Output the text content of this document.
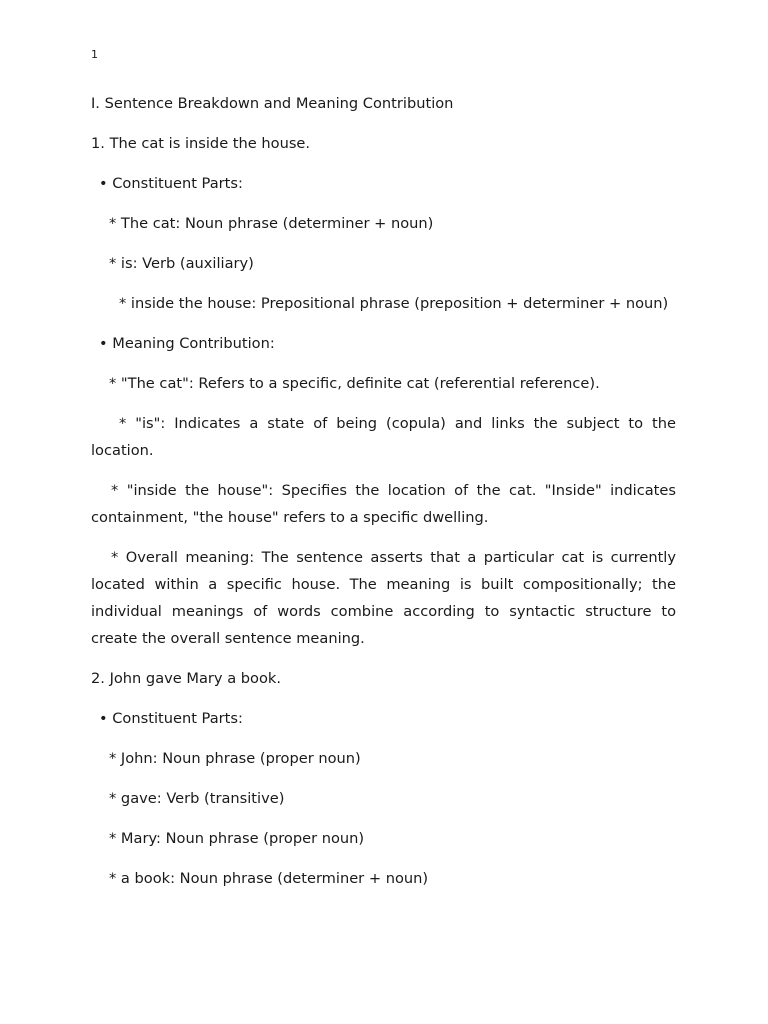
1

I. Sentence Breakdown and Meaning Contribution

1. The cat is inside the house.

• Constituent Parts:

* The cat: Noun phrase (determiner + noun)

* is: Verb (auxiliary)

* inside the house: Prepositional phrase (preposition + determiner + noun)

• Meaning Contribution:

* "The cat": Refers to a specific, definite cat (referential reference).

* "is": Indicates a state of being (copula) and links the subject to the location.

* "inside the house": Specifies the location of the cat. "Inside" indicates containment, "the house" refers to a specific dwelling.

* Overall meaning: The sentence asserts that a particular cat is currently located within a specific house. The meaning is built compositionally; the individual meanings of words combine according to syntactic structure to create the overall sentence meaning.

2. John gave Mary a book.

• Constituent Parts:

* John: Noun phrase (proper noun)

* gave: Verb (transitive)

* Mary: Noun phrase (proper noun)

* a book: Noun phrase (determiner + noun)
